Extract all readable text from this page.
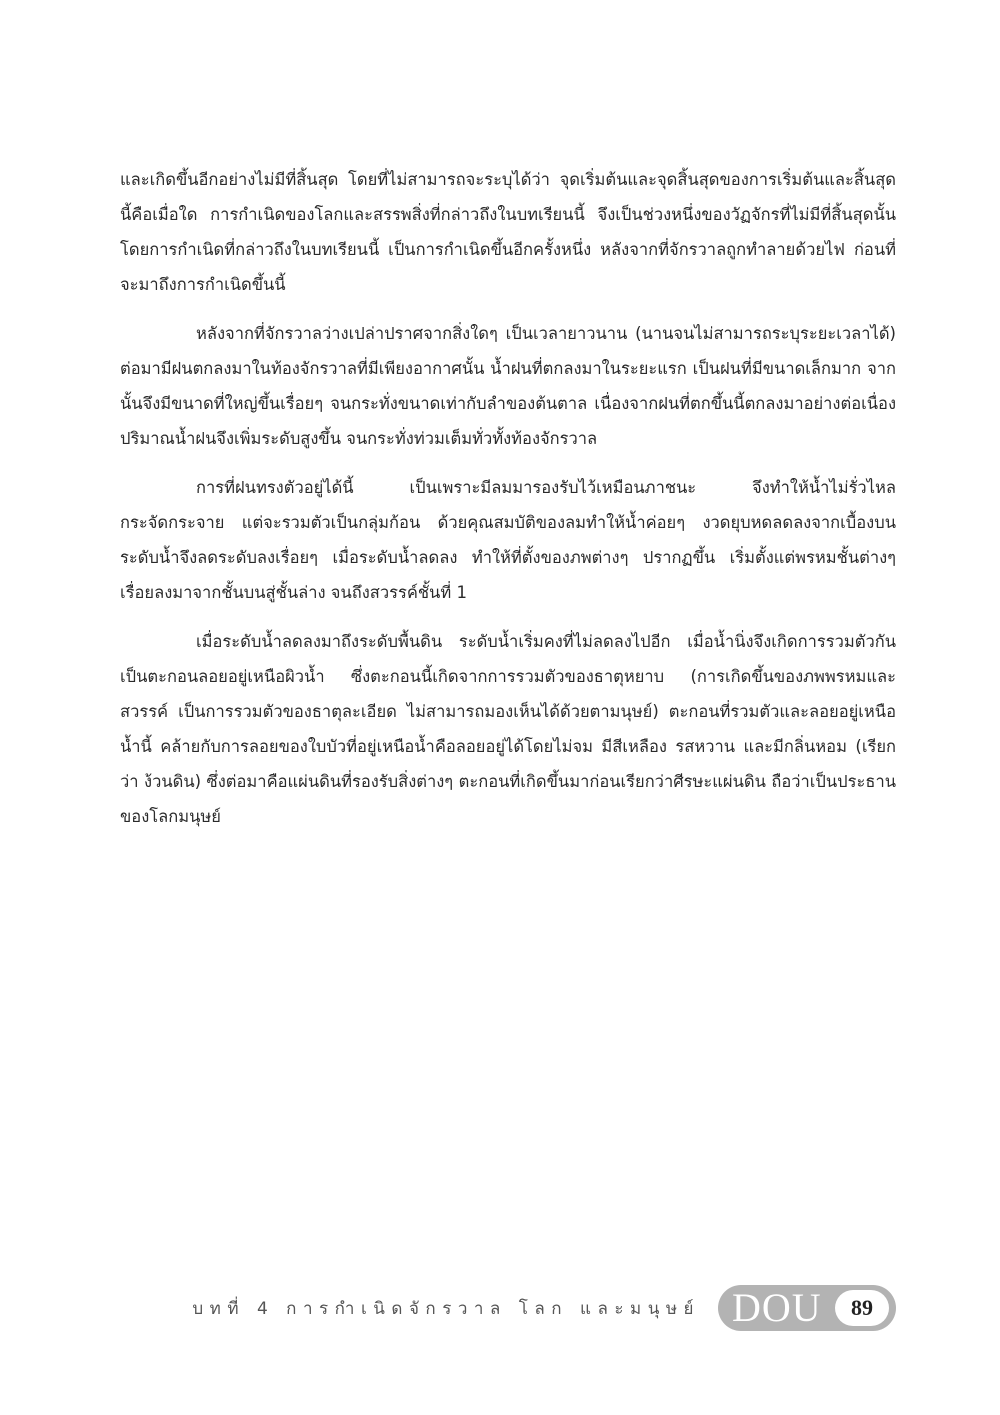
และเกิดขึ้นอีกอย่างไม่มีที่สิ้นสุด โดยที่ไม่สามารถจะระบุได้ว่า จุดเริ่มต้นและจุดสิ้นสุดของการเริ่มต้นและสิ้นสุดนี้คือเมื่อใด การกำเนิดของโลกและสรรพสิ่งที่กล่าวถึงในบทเรียนนี้ จึงเป็นช่วงหนึ่งของวัฏจักรที่ไม่มีที่สิ้นสุดนั้น โดยการกำเนิดที่กล่าวถึงในบทเรียนนี้ เป็นการกำเนิดขึ้นอีกครั้งหนึ่ง หลังจากที่จักรวาลถูกทำลายด้วยไฟ ก่อนที่จะมาถึงการกำเนิดขึ้นนี้

หลังจากที่จักรวาลว่างเปล่าปราศจากสิ่งใดๆ เป็นเวลายาวนาน (นานจนไม่สามารถระบุระยะเวลาได้) ต่อมามีฝนตกลงมาในท้องจักรวาลที่มีเพียงอากาศนั้น น้ำฝนที่ตกลงมาในระยะแรก เป็นฝนที่มีขนาดเล็กมาก จากนั้นจึงมีขนาดที่ใหญ่ขึ้นเรื่อยๆ จนกระทั่งขนาดเท่ากับลำของต้นตาล เนื่องจากฝนที่ตกขึ้นนี้ตกลงมาอย่างต่อเนื่อง ปริมาณน้ำฝนจึงเพิ่มระดับสูงขึ้น จนกระทั่งท่วมเต็มทั่วทั้งท้องจักรวาล

การที่ฝนทรงตัวอยู่ได้นี้ เป็นเพราะมีลมมารองรับไว้เหมือนภาชนะ จึงทำให้น้ำไม่รั่วไหลกระจัดกระจาย แต่จะรวมตัวเป็นกลุ่มก้อน ด้วยคุณสมบัติของลมทำให้น้ำค่อยๆ งวดยุบหดลดลงจากเบื้องบน ระดับน้ำจึงลดระดับลงเรื่อยๆ เมื่อระดับน้ำลดลง ทำให้ที่ตั้งของภพต่างๆ ปรากฏขึ้น เริ่มตั้งแต่พรหมชั้นต่างๆ เรื่อยลงมาจากชั้นบนสู่ชั้นล่าง จนถึงสวรรค์ชั้นที่ 1

เมื่อระดับน้ำลดลงมาถึงระดับพื้นดิน ระดับน้ำเริ่มคงที่ไม่ลดลงไปอีก เมื่อน้ำนิ่งจึงเกิดการรวมตัวกันเป็นตะกอนลอยอยู่เหนือผิวน้ำ ซึ่งตะกอนนี้เกิดจากการรวมตัวของธาตุหยาบ (การเกิดขึ้นของภพพรหมและสวรรค์ เป็นการรวมตัวของธาตุละเอียด ไม่สามารถมองเห็นได้ด้วยตามนุษย์) ตะกอนที่รวมตัวและลอยอยู่เหนือน้ำนี้ คล้ายกับการลอยของใบบัวที่อยู่เหนือน้ำคือลอยอยู่ได้โดยไม่จม มีสีเหลือง รสหวาน และมีกลิ่นหอม (เรียกว่า ง้วนดิน) ซึ่งต่อมาคือแผ่นดินที่รองรับสิ่งต่างๆ ตะกอนที่เกิดขึ้นมาก่อนเรียกว่าศีรษะแผ่นดิน ถือว่าเป็นประธานของโลกมนุษย์

บทที่ 4 การกำเนิดจักรวาล โลก และมนุษย์ DOU	89
